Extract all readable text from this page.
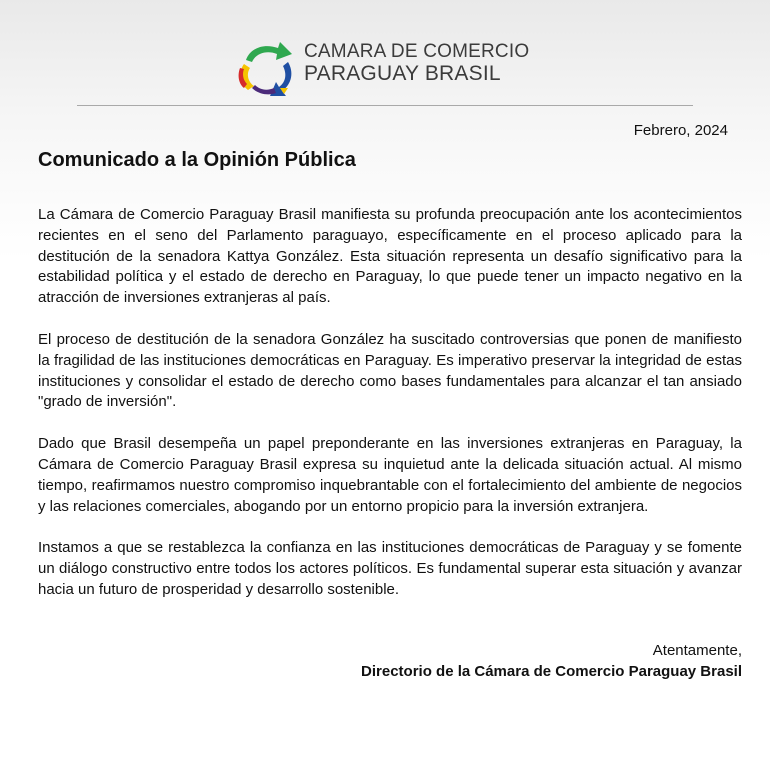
CAMARA DE COMERCIO
PARAGUAY BRASIL
Febrero, 2024
Comunicado a la Opinión Pública

La Cámara de Comercio Paraguay Brasil manifiesta su profunda preocupación ante los acontecimientos recientes en el seno del Parlamento paraguayo, específicamente en el proceso aplicado para la destitución de la senadora Kattya González. Esta situación representa un desafío significativo para la estabilidad política y el estado de derecho en Paraguay, lo que puede tener un impacto negativo en la atracción de inversiones extranjeras al país.

El proceso de destitución de la senadora González ha suscitado controversias que ponen de manifiesto la fragilidad de las instituciones democráticas en Paraguay. Es imperativo preservar la integridad de estas instituciones y consolidar el estado de derecho como bases fundamentales para alcanzar el tan ansiado "grado de inversión".

Dado que Brasil desempeña un papel preponderante en las inversiones extranjeras en Paraguay, la Cámara de Comercio Paraguay Brasil expresa su inquietud ante la delicada situación actual. Al mismo tiempo, reafirmamos nuestro compromiso inquebrantable con el fortalecimiento del ambiente de negocios y las relaciones comerciales, abogando por un entorno propicio para la inversión extranjera.

Instamos a que se restablezca la confianza en las instituciones democráticas de Paraguay y se fomente un diálogo constructivo entre todos los actores políticos. Es fundamental superar esta situación y avanzar hacia un futuro de prosperidad y desarrollo sostenible.

Atentamente,
Directorio de la Cámara de Comercio Paraguay Brasil
